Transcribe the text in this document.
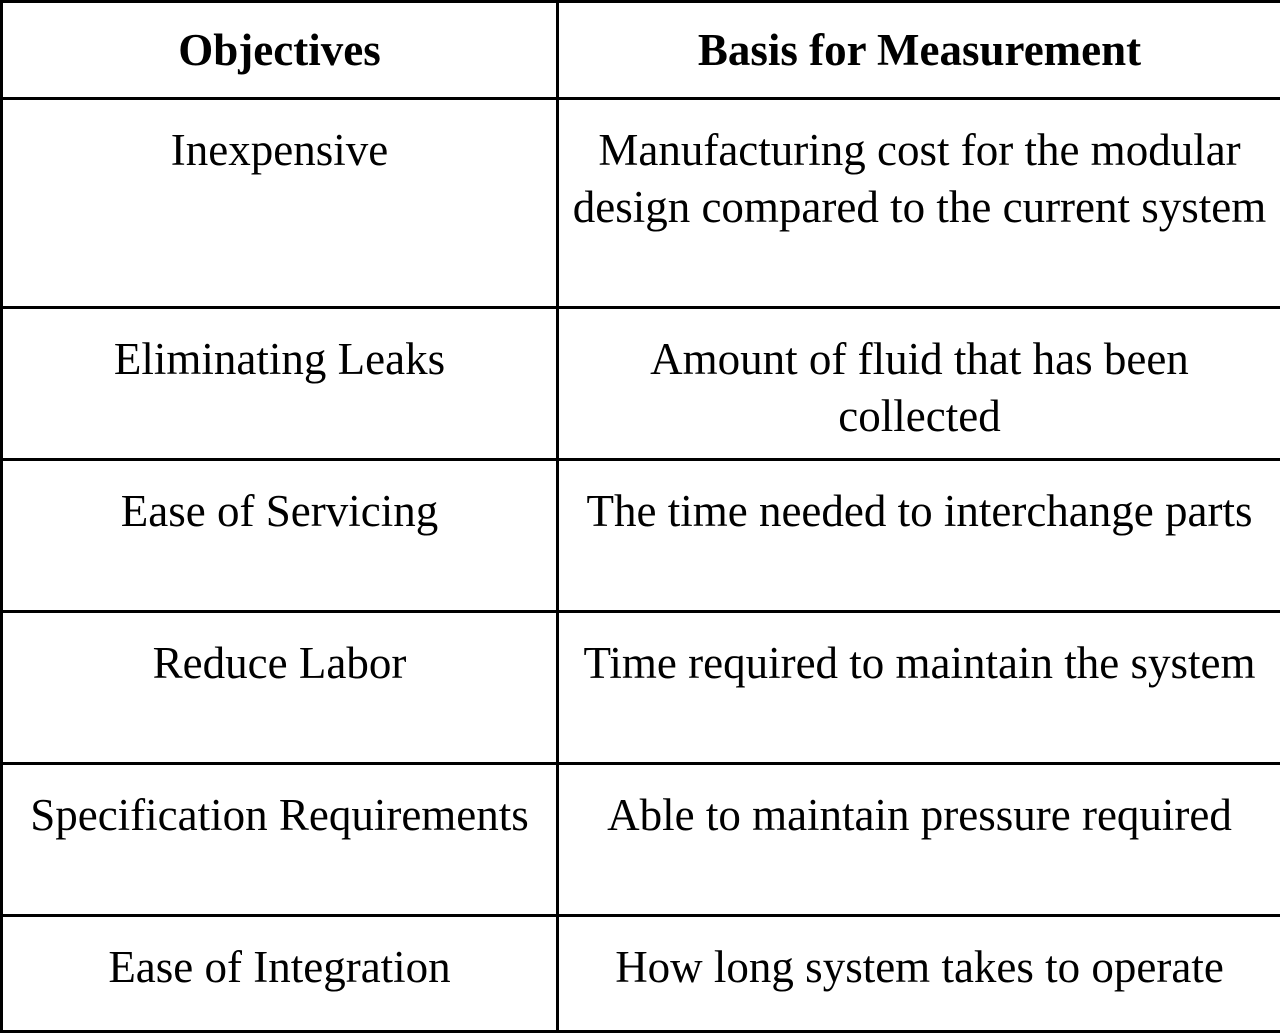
Objectives	Basis for Measurement

Inexpensive	Manufacturing cost for the modular design compared to the current system

Eliminating Leaks	Amount of fluid that has been collected

Ease of Servicing	The time needed to interchange parts

Reduce Labor	Time required to maintain the system

Specification Requirements	Able to maintain pressure required

Ease of Integration	How long system takes to operate
